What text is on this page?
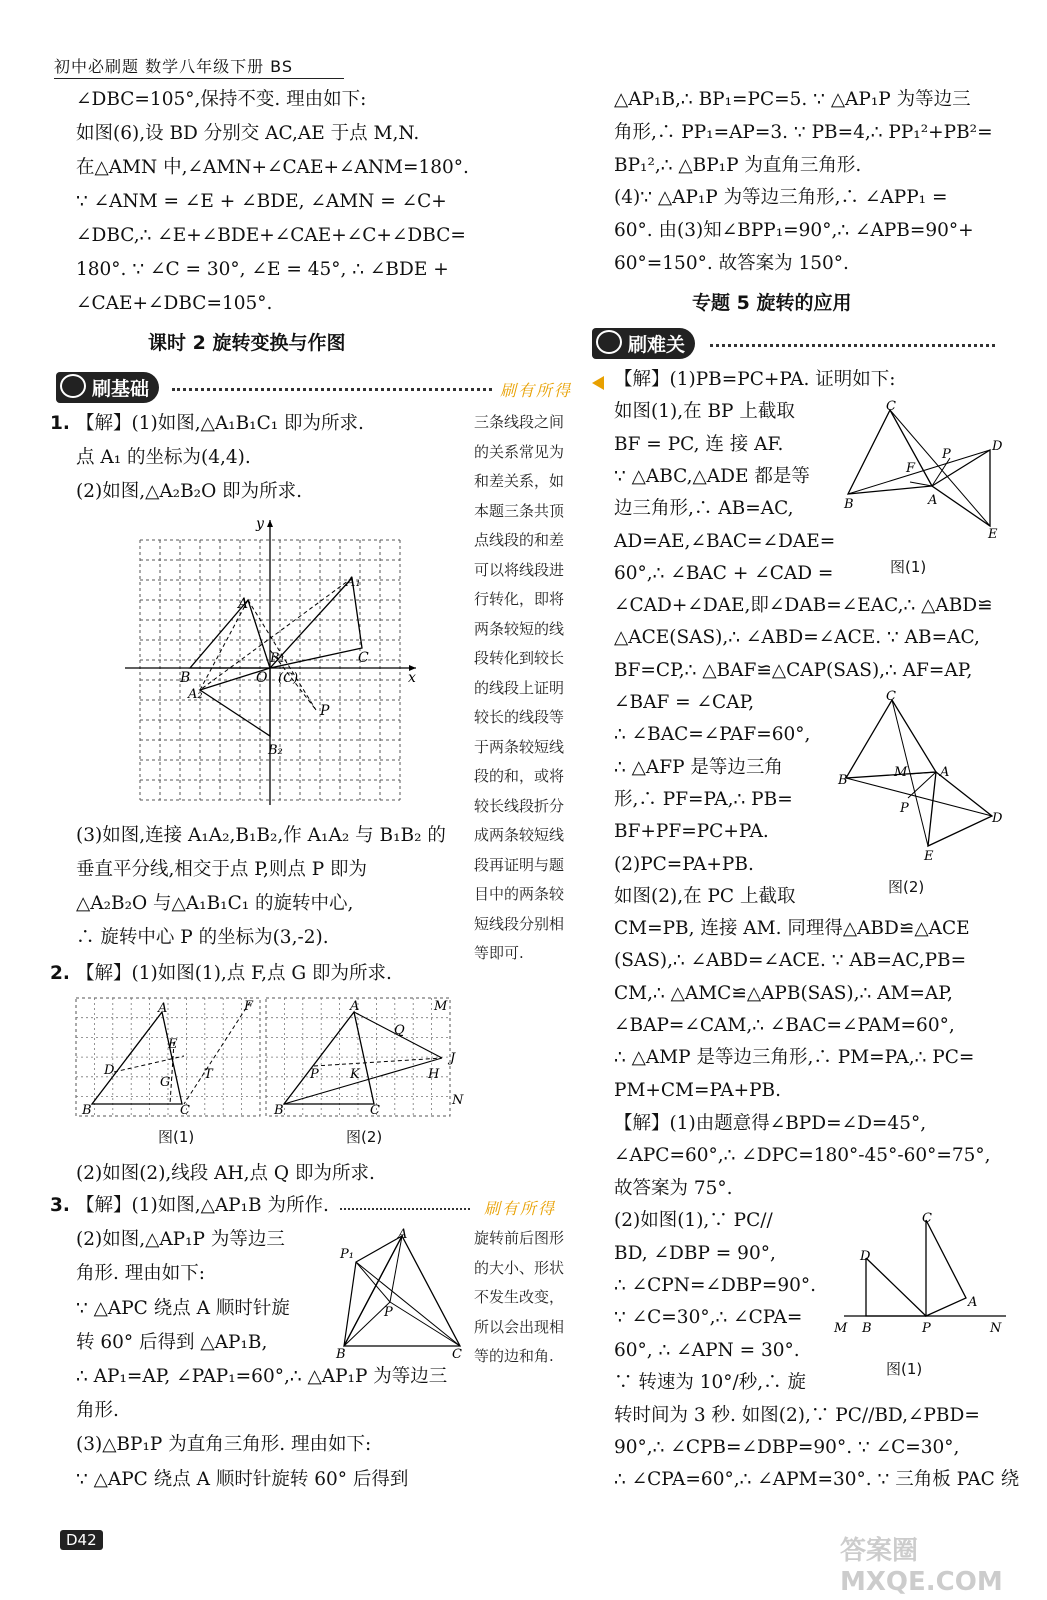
初中必刷题 数学八年级下册 BS
∠DBC=105°,保持不变. 理由如下:
如图(6),设 BD 分别交 AC,AE 于点 M,N.
在△AMN 中,∠AMN+∠CAE+∠ANM=180°.
∵ ∠ANM = ∠E + ∠BDE, ∠AMN = ∠C+
∠DBC,∴ ∠E+∠BDE+∠CAE+∠C+∠DBC=
180°. ∵ ∠C = 30°, ∠E = 45°, ∴ ∠BDE +
∠CAE+∠DBC=105°.
课时 2 旋转变换与作图
刷基础	刷有所得
【解】(1)如图,△A₁B₁C₁ 即为所求.
点 A₁ 的坐标为(4,4).
(2)如图,△A₂B₂O 即为所求.
1.
x
y
O
A
A₁
B
B₁
A₂
B₂
C
(C)
P
(3)如图,连接 A₁A₂,B₁B₂,作 A₁A₂ 与 B₁B₂ 的
垂直平分线,相交于点 P,则点 P 即为
△A₂B₂O 与△A₁B₁C₁ 的旋转中心,
∴ 旋转中心 P 的坐标为(3,-2).
【解】(1)如图(1),点 F,点 G 即为所求.
2.
A	F
E
D
G
T
B	C
A	M
Q
J
P K	H
N
B	C
图(1)	图(2)
(2)如图(2),线段 AH,点 Q 即为所求.
刷有所得
【解】(1)如图,△AP₁B 为所作.
(2)如图,△AP₁P 为等边三
角形. 理由如下:
∵ △APC 绕点 A 顺时针旋
转 60° 后得到 △AP₁B,
∴ AP₁=AP, ∠PAP₁=60°,∴ △AP₁P 为等边三
角形.
(3)△BP₁P 为直角三角形. 理由如下:
∵ △APC 绕点 A 顺时针旋转 60° 后得到
3.
A
P₁
P
B	C
三条线段之间
的关系常见为
和差关系，如
本题三条共顶
点线段的和差
可以将线段进
行转化，即将
两条较短的线
段转化到较长
的线段上证明
较长的线段等
于两条较短线
段的和，或将
较长线段折分
成两条较短线
段再证明与题
目中的两条较
短线段分别相
等即可.
旋转前后图形
的大小、形状
不发生改变，
所以会出现相
等的边和角.
D42
△AP₁B,∴ BP₁=PC=5. ∵ △AP₁P 为等边三
角形,∴ PP₁=AP=3. ∵ PB=4,∴ PP₁²+PB²=
BP₁²,∴ △BP₁P 为直角三角形.
(4)∵ △AP₁P 为等边三角形,∴ ∠APP₁ =
60°. 由(3)知∠BPP₁=90°,∴ ∠APB=90°+
60°=150°. 故答案为 150°.
专题 5 旋转的应用
刷难关
【解】(1)PB=PC+PA. 证明如下:
如图(1),在 BP 上截取
BF = PC, 连 接 AF.
∵ △ABC,△ADE 都是等
边三角形,∴ AB=AC,
AD=AE,∠BAC=∠DAE=
60°,∴ ∠BAC + ∠CAD =
∠CAD+∠DAE,即∠DAB=∠EAC,∴ △ABD≌
△ACE(SAS),∴ ∠ABD=∠ACE. ∵ AB=AC,
BF=CP,∴ △BAF≌△CAP(SAS),∴ AF=AP,
∠BAF = ∠CAP,
∴ ∠BAC=∠PAF=60°,
∴ △AFP 是等边三角
形,∴ PF=PA,∴ PB=
BF+PF=PC+PA.
(2)PC=PA+PB.
如图(2),在 PC 上截取
CM=PB, 连接 AM. 同理得△ABD≌△ACE
(SAS),∴ ∠ABD=∠ACE. ∵ AB=AC,PB=
CM,∴ △AMC≌△APB(SAS),∴ AM=AP,
∠BAP=∠CAM,∴ ∠BAC=∠PAM=60°,
∴ △AMP 是等边三角形,∴ PM=PA,∴ PC=
PM+CM=PA+PB.
【解】(1)由题意得∠BPD=∠D=45°,
∠APC=60°,∴ ∠DPC=180°-45°-60°=75°,
故答案为 75°.
(2)如图(1),∵ PC//
BD, ∠DBP = 90°,
∴ ∠CPN=∠DBP=90°.
∵ ∠C=30°,∴ ∠CPA=
60°, ∴ ∠APN = 30°.
∵ 转速为 10°/秒,∴ 旋
转时间为 3 秒. 如图(2),∵ PC//BD,∠PBD=
90°,∴ ∠CPB=∠DBP=90°. ∵ ∠C=30°,
∴ ∠CPA=60°,∴ ∠APM=30°. ∵ 三角板 PAC 绕
C
D
P
F
B	A
E
图(1)
C
B
M	A
P
D
E
图(2)
C
D
A
M B	P	N
图(1)
答案圈 MXQE.COM
